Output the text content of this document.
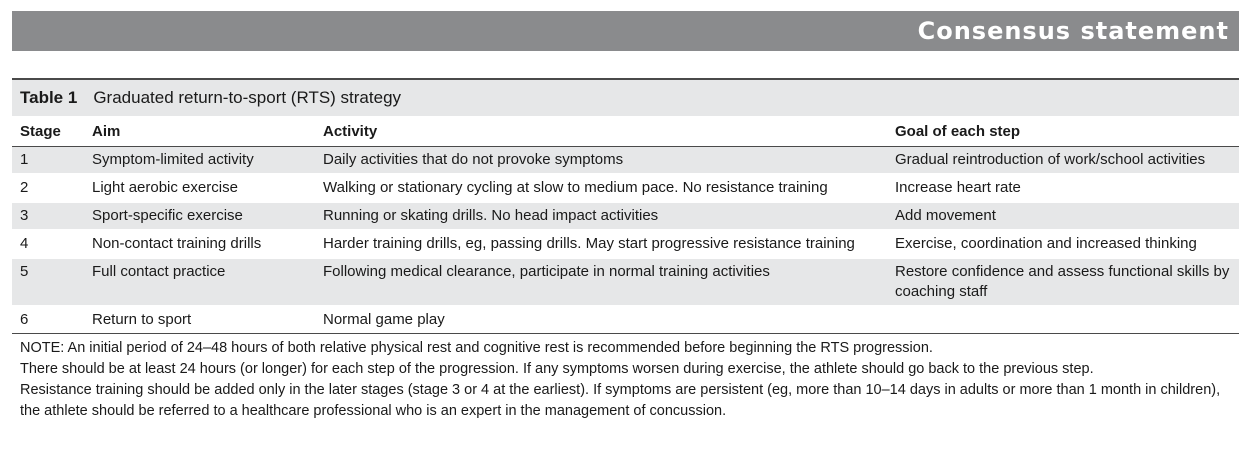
Consensus statement
Table 1 Graduated return-to-sport (RTS) strategy
Stage	Aim	Activity	Goal of each step
1	Symptom-limited activity	Daily activities that do not provoke symptoms	Gradual reintroduction of work/school activities
2	Light aerobic exercise	Walking or stationary cycling at slow to medium pace. No resistance training	Increase heart rate
3	Sport-specific exercise	Running or skating drills. No head impact activities	Add movement
4	Non-contact training drills	Harder training drills, eg, passing drills. May start progressive resistance training	Exercise, coordination and increased thinking
5	Full contact practice	Following medical clearance, participate in normal training activities	Restore confidence and assess functional skills by coaching staff
6	Return to sport	Normal game play	

NOTE: An initial period of 24–48 hours of both relative physical rest and cognitive rest is recommended before beginning the RTS progression.

There should be at least 24 hours (or longer) for each step of the progression. If any symptoms worsen during exercise, the athlete should go back to the previous step.

Resistance training should be added only in the later stages (stage 3 or 4 at the earliest). If symptoms are persistent (eg, more than 10–14 days in adults or more than 1 month in children), the athlete should be referred to a healthcare professional who is an expert in the management of concussion.
